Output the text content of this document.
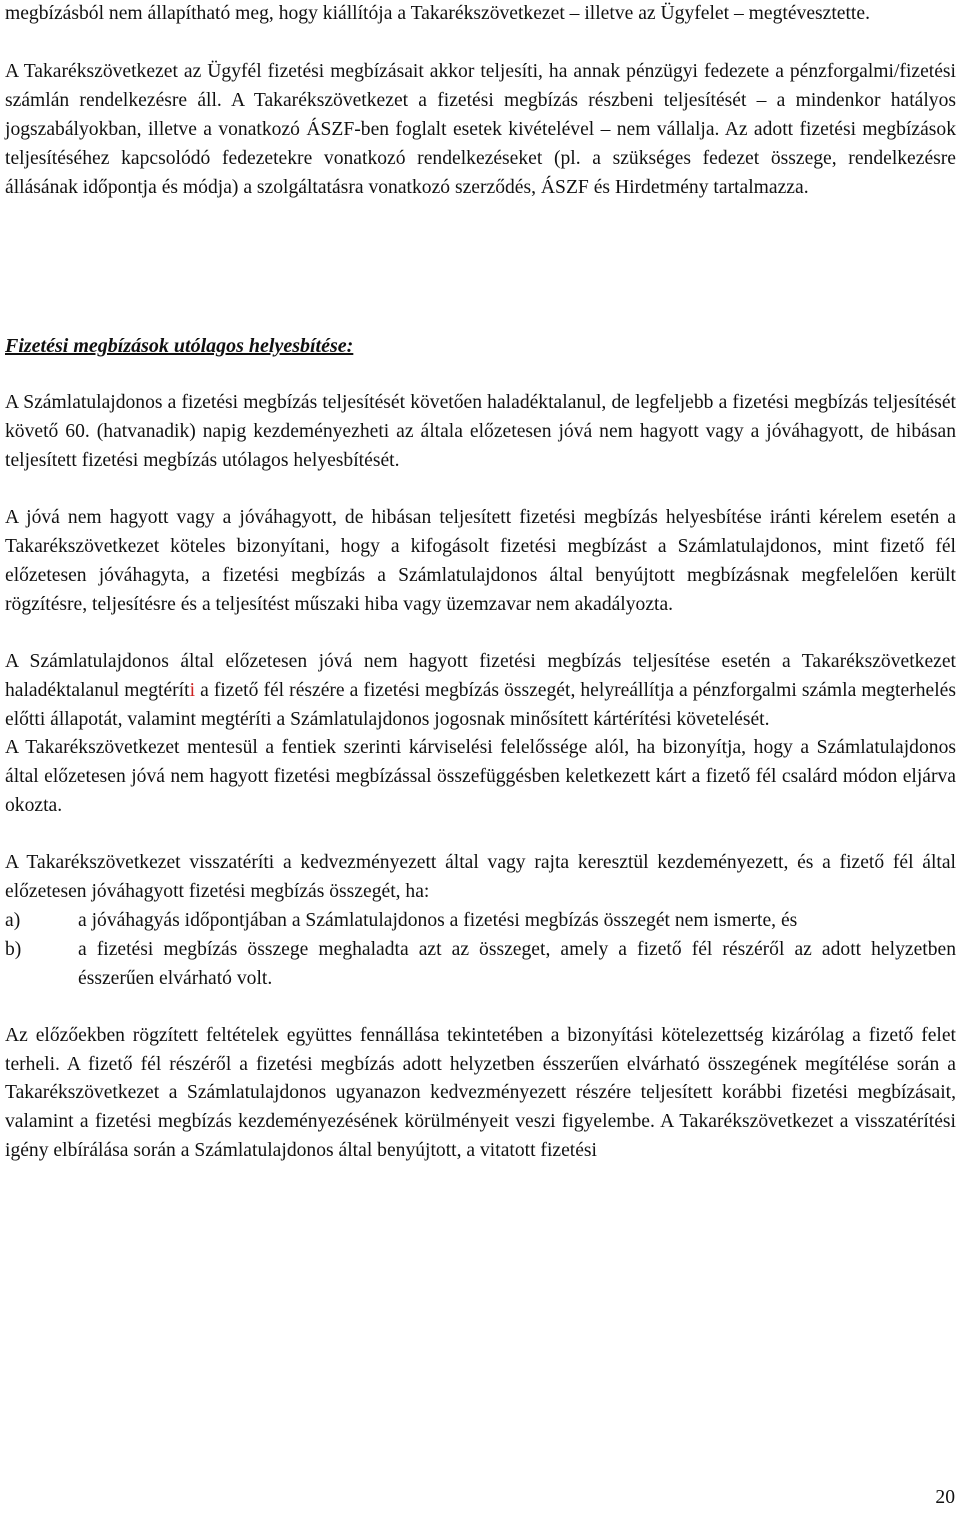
megbízásból nem állapítható meg, hogy kiállítója a Takarékszövetkezet – illetve az Ügyfelet – megtévesztette.

A Takarékszövetkezet az Ügyfél fizetési megbízásait akkor teljesíti, ha annak pénzügyi fedezete a pénzforgalmi/fizetési számlán rendelkezésre áll. A Takarékszövetkezet a fizetési megbízás részbeni teljesítését – a mindenkor hatályos jogszabályokban, illetve a vonatkozó ÁSZF-ben foglalt esetek kivételével – nem vállalja. Az adott fizetési megbízások teljesítéséhez kapcsolódó fedezetekre vonatkozó rendelkezéseket (pl. a szükséges fedezet összege, rendelkezésre állásának időpontja és módja) a szolgáltatásra vonatkozó szerződés, ÁSZF és Hirdetmény tartalmazza.

Fizetési megbízások utólagos helyesbítése:

A Számlatulajdonos a fizetési megbízás teljesítését követően haladéktalanul, de legfeljebb a fizetési megbízás teljesítését követő 60. (hatvanadik) napig kezdeményezheti az általa előzetesen jóvá nem hagyott vagy a jóváhagyott, de hibásan teljesített fizetési megbízás utólagos helyesbítését.

A jóvá nem hagyott vagy a jóváhagyott, de hibásan teljesített fizetési megbízás helyesbítése iránti kérelem esetén a Takarékszövetkezet köteles bizonyítani, hogy a kifogásolt fizetési megbízást a Számlatulajdonos, mint fizető fél előzetesen jóváhagyta, a fizetési megbízás a Számlatulajdonos által benyújtott megbízásnak megfelelően került rögzítésre, teljesítésre és a teljesítést műszaki hiba vagy üzemzavar nem akadályozta.

A Számlatulajdonos által előzetesen jóvá nem hagyott fizetési megbízás teljesítése esetén a Takarékszövetkezet haladéktalanul megtéríti a fizető fél részére a fizetési megbízás összegét, helyreállítja a pénzforgalmi számla megterhelés előtti állapotát, valamint megtéríti a Számlatulajdonos jogosnak minősített kártérítési követelését.

A Takarékszövetkezet mentesül a fentiek szerinti kárviselési felelőssége alól, ha bizonyítja, hogy a Számlatulajdonos által előzetesen jóvá nem hagyott fizetési megbízással összefüggésben keletkezett kárt a fizető fél csalárd módon eljárva okozta.

A Takarékszövetkezet visszatéríti a kedvezményezett által vagy rajta keresztül kezdeményezett, és a fizető fél által előzetesen jóváhagyott fizetési megbízás összegét, ha:

a)	a jóváhagyás időpontjában a Számlatulajdonos a fizetési megbízás összegét nem ismerte, és
b)	a fizetési megbízás összege meghaladta azt az összeget, amely a fizető fél részéről az adott helyzetben ésszerűen elvárható volt.

Az előzőekben rögzített feltételek együttes fennállása tekintetében a bizonyítási kötelezettség kizárólag a fizető felet terheli. A fizető fél részéről a fizetési megbízás adott helyzetben ésszerűen elvárható összegének megítélése során a Takarékszövetkezet a Számlatulajdonos ugyanazon kedvezményezett részére teljesített korábbi fizetési megbízásait, valamint a fizetési megbízás kezdeményezésének körülményeit veszi figyelembe. A Takarékszövetkezet a visszatérítési igény elbírálása során a Számlatulajdonos által benyújtott, a vitatott fizetési

20
